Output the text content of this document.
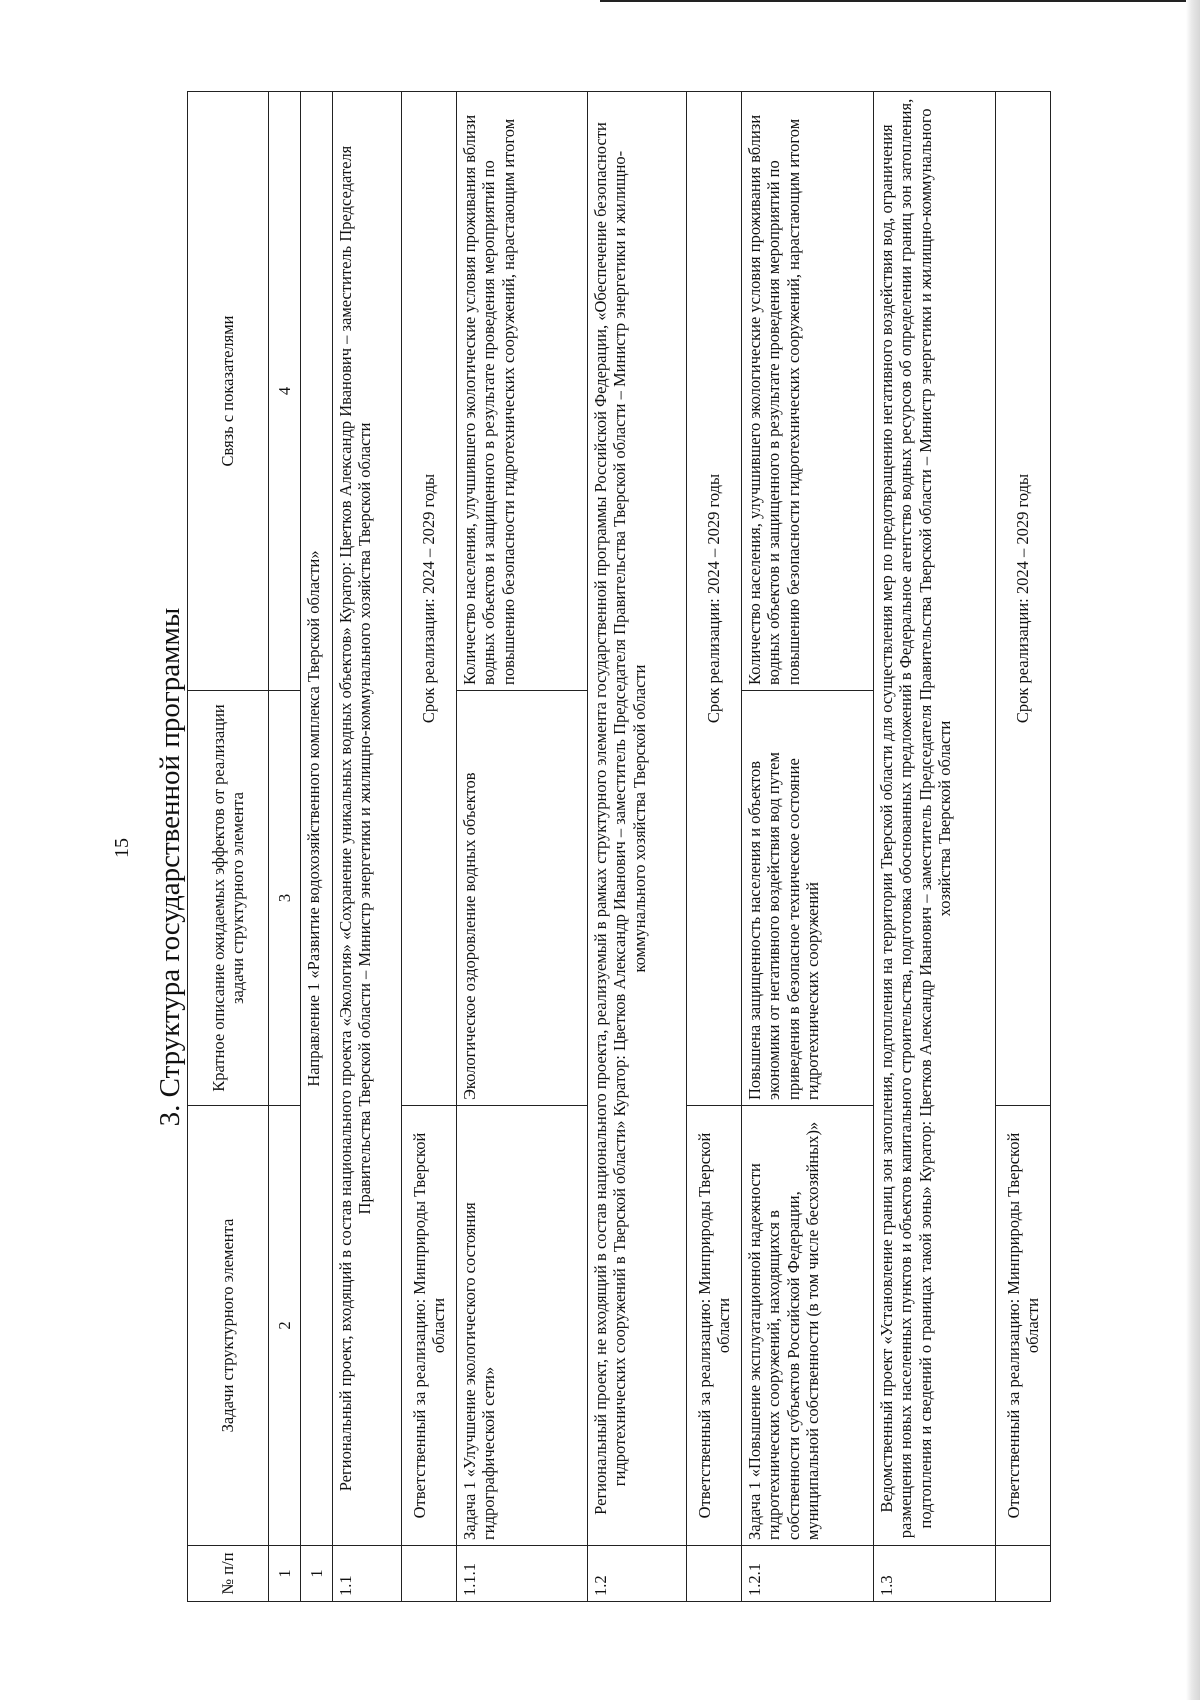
15 3. Структура государственной программы
№ п/п	Задачи структурного элемента	Кратное описание ожидаемых эффектов от реализации задачи структурного элемента	Связь с показателями
1	2	3	4
1	Направление 1 «Развитие водохозяйственного комплекса Тверской области»		
1.1	Региональный проект, входящий в состав национального проекта «Экология» «Сохранение уникальных водных объектов» Куратор: Цветков Александр Иванович – заместитель Председателя Правительства Тверской области – Министр энергетики и жилищно-коммунального хозяйства Тверской области		
	Ответственный за реализацию: Минприроды Тверской области	Срок реализации: 2024 – 2029 годы	
1.1.1	Задача 1 «Улучшение экологического состояния гидрографической сети»	Экологическое оздоровление водных объектов	Количество населения, улучшившего экологические условия проживания вблизи водных объектов и защищенного в результате проведения мероприятий по повышению безопасности гидротехнических сооружений, нарастающим итогом
1.2	Региональный проект, не входящий в состав национального проекта, реализуемый в рамках структурного элемента государственной программы Российской Федерации, «Обеспечение безопасности гидротехнических сооружений в Тверской области» Куратор: Цветков Александр Иванович – заместитель Председателя Правительства Тверской области – Министр энергетики и жилищно-коммунального хозяйства Тверской области		
	Ответственный за реализацию: Минприроды Тверской области	Срок реализации: 2024 – 2029 годы	
1.2.1	Задача 1 «Повышение эксплуатационной надежности гидротехнических сооружений, находящихся в собственности субъектов Российской Федерации, муниципальной собственности (в том числе бесхозяйных)»	Повышена защищенность населения и объектов экономики от негативного воздействия вод путем приведения в безопасное техническое состояние гидротехнических сооружений	Количество населения, улучшившего экологические условия проживания вблизи водных объектов и защищенного в результате проведения мероприятий по повышению безопасности гидротехнических сооружений, нарастающим итогом
1.3	Ведомственный проект «Установление границ зон затопления, подтопления на территории Тверской области для осуществления мер по предотвращению негативного воздействия вод, ограничения размещения новых населенных пунктов и объектов капитального строительства, подготовка обоснованных предложений в Федеральное агентство водных ресурсов об определении границ зон затопления, подтопления и сведений о границах такой зоны» Куратор: Цветков Александр Иванович – заместитель Председателя Правительства Тверской области – Министр энергетики и жилищно-коммунального хозяйства Тверской области		
	Ответственный за реализацию: Минприроды Тверской области	Срок реализации: 2024 – 2029 годы	
